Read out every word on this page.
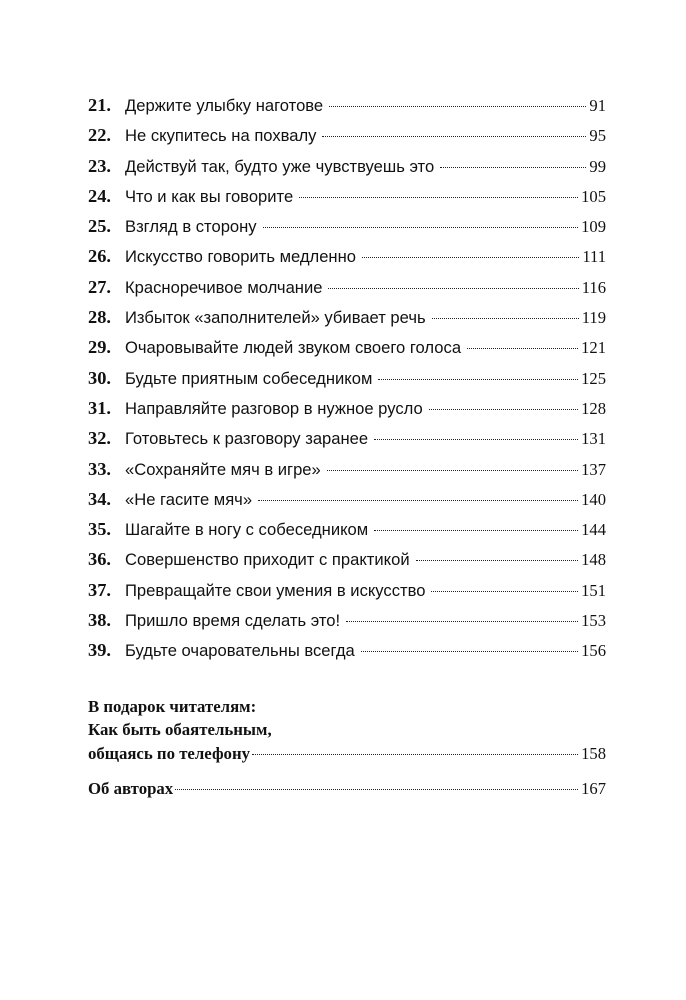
21. Держите улыбку наготове	91
22. Не скупитесь на похвалу	95
23. Действуй так, будто уже чувствуешь это	99
24. Что и как вы говорите	105
25. Взгляд в сторону	109
26. Искусство говорить медленно	111
27. Красноречивое молчание	116
28. Избыток «заполнителей» убивает речь	119
29. Очаровывайте людей звуком своего голоса	121
30. Будьте приятным собеседником	125
31. Направляйте разговор в нужное русло	128
32. Готовьтесь к разговору заранее	131
33. «Сохраняйте мяч в игре»	137
34. «Не гасите мяч»	140
35. Шагайте в ногу с собеседником	144
36. Совершенство приходит с практикой	148
37. Превращайте свои умения в искусство	151
38. Пришло время сделать это!	153
39. Будьте очаровательны всегда	156
В подарок читателям:
Как быть обаятельным,
общаясь по телефону	158
Об авторах	167
